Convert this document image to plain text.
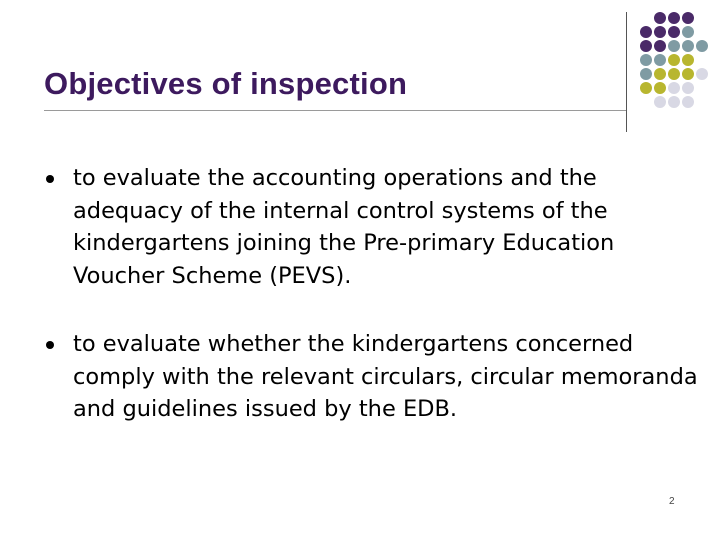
Objectives of inspection
to evaluate the accounting operations and the adequacy of the internal control systems of the kindergartens joining the Pre-primary Education Voucher Scheme (PEVS).
to evaluate whether the kindergartens concerned comply with the relevant circulars, circular memoranda and guidelines issued by the EDB.
2
